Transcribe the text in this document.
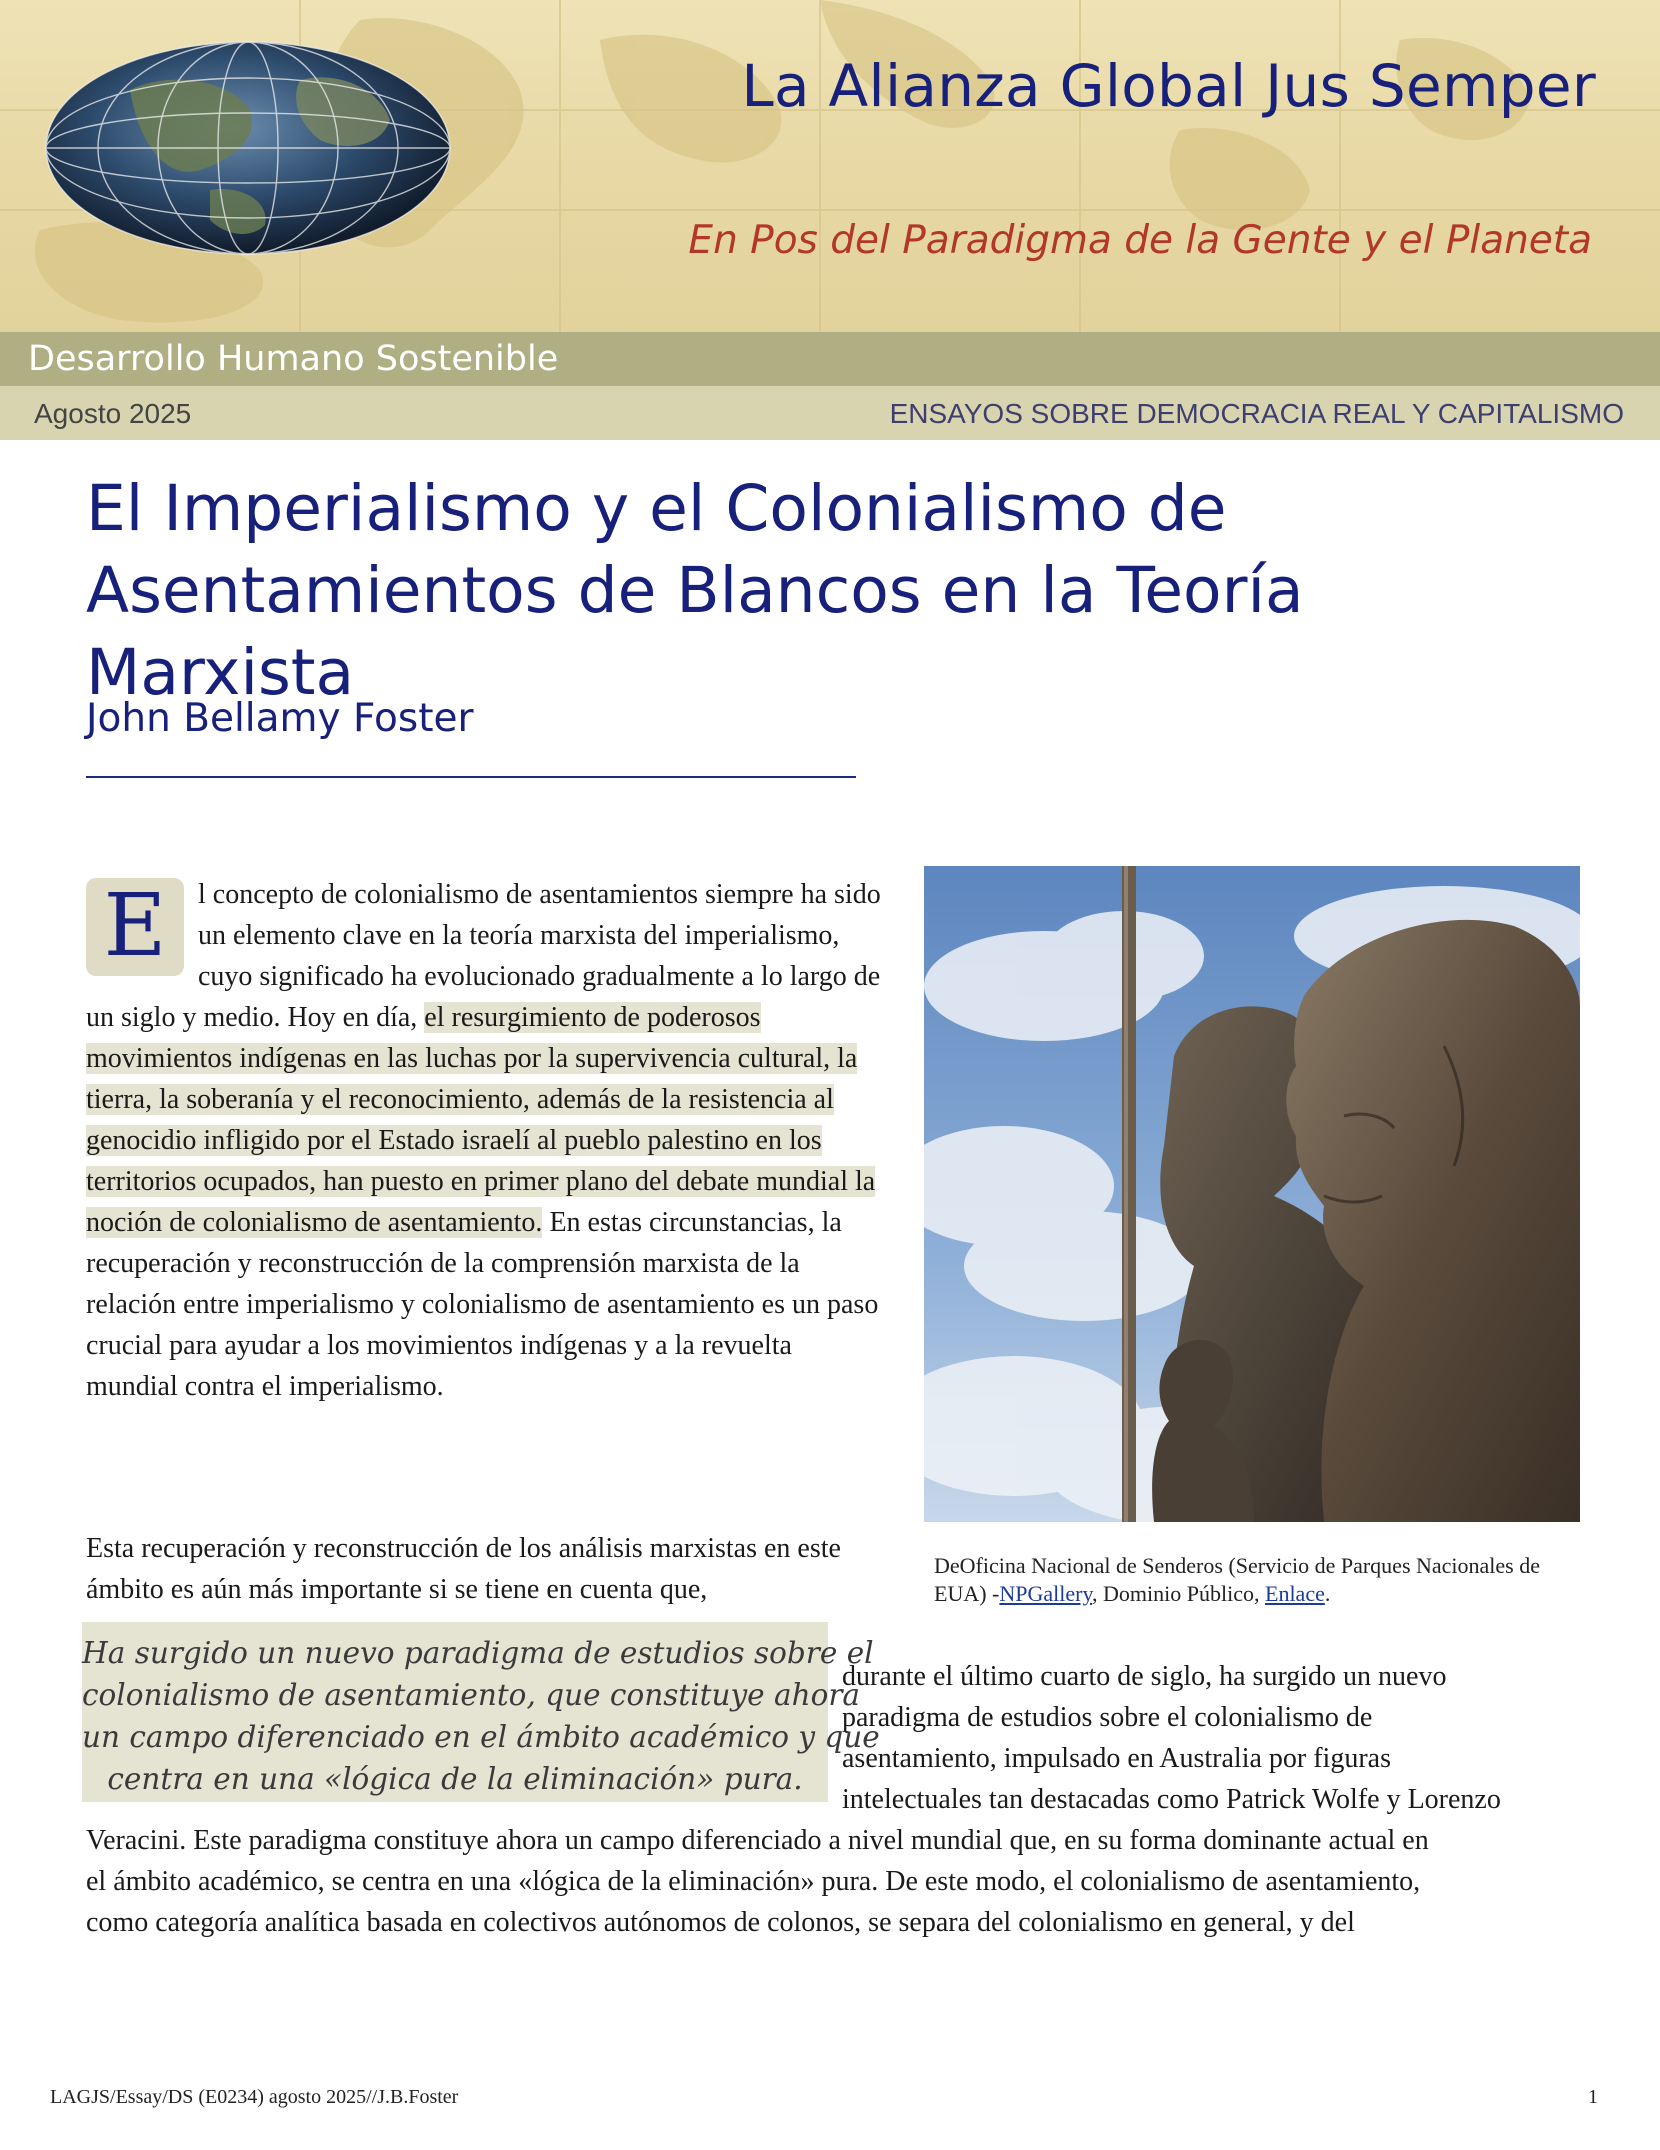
La Alianza Global Jus Semper

En Pos del Paradigma de la Gente y el Planeta

Desarrollo Humano Sostenible
Agosto 2025	ENSAYOS SOBRE DEMOCRACIA REAL Y CAPITALISMO
El Imperialismo y el Colonialismo de
Asentamientos de Blancos en la Teoría Marxista
John Bellamy Foster

E	l concepto de colonialismo de asentamientos siempre ha sido un elemento clave en la teoría marxista del imperialismo, cuyo significado ha evolucionado gradualmente a lo largo de un siglo y medio. Hoy en día, el resurgimiento de poderosos movimientos indígenas en las luchas por la supervivencia cultural, la tierra, la soberanía y el reconocimiento, además de la resistencia al genocidio infligido por el Estado israelí al pueblo palestino en los territorios ocupados, han puesto en primer plano del debate mundial la noción de colonialismo de asentamiento. En estas circunstancias, la recuperación y reconstrucción de la comprensión marxista de la relación entre imperialismo y colonialismo de asentamiento es un paso crucial para ayudar a los movimientos indígenas y a la revuelta mundial contra el imperialismo.

Esta recuperación y reconstrucción de los análisis marxistas en este ámbito es aún más importante si se tiene en cuenta que,

DeOficina Nacional de Senderos (Servicio de Parques Nacionales de EUA) -NPGallery, Dominio Público, Enlace.

Ha surgido un nuevo paradigma de estudios sobre el
colonialismo de asentamiento, que constituye ahora
un campo diferenciado en el ámbito académico y que
centra en una «lógica de la eliminación» pura.
durante el último cuarto de siglo, ha surgido un nuevo
paradigma de estudios sobre el colonialismo de
asentamiento, impulsado en Australia por figuras
intelectuales tan destacadas como Patrick Wolfe y Lorenzo
Veracini. Este paradigma constituye ahora un campo diferenciado a nivel mundial que, en su forma dominante actual en
el ámbito académico, se centra en una «lógica de la eliminación» pura. De este modo, el colonialismo de asentamiento,
como categoría analítica basada en colectivos autónomos de colonos, se separa del colonialismo en general, y del
LAGJS/Essay/DS (E0234) agosto 2025//J.B.Foster	1
